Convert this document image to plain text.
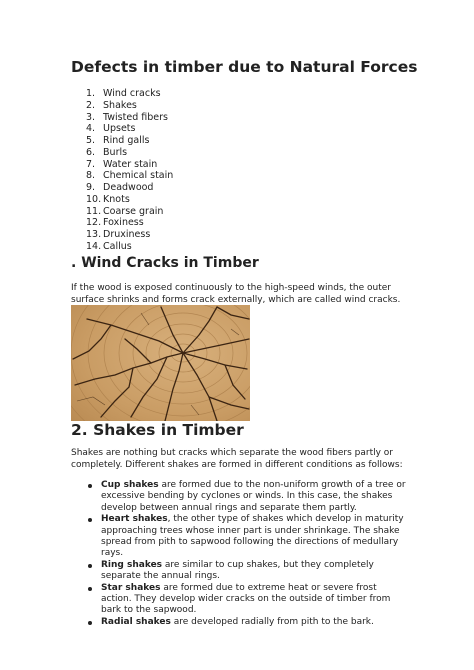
Defects in timber due to Natural Forces
1. Wind cracks
2. Shakes
3. Twisted fibers
4. Upsets
5. Rind galls
6. Burls
7. Water stain
8. Chemical stain
9. Deadwood
10. Knots
11. Coarse grain
12. Foxiness
13. Druxiness
14. Callus
. Wind Cracks in Timber

If the wood is exposed continuously to the high-speed winds, the outer surface shrinks and forms crack externally, which are called wind cracks.

2. Shakes in Timber

Shakes are nothing but cracks which separate the wood fibers partly or completely. Different shakes are formed in different conditions as follows:

Cup shakes are formed due to the non-uniform growth of a tree or excessive bending by cyclones or winds. In this case, the shakes develop between annual rings and separate them partly.
Heart shakes, the other type of shakes which develop in maturity approaching trees whose inner part is under shrinkage. The shake spread from pith to sapwood following the directions of medullary rays.
Ring shakes are similar to cup shakes, but they completely separate the annual rings.
Star shakes are formed due to extreme heat or severe frost action. They develop wider cracks on the outside of timber from bark to the sapwood.
Radial shakes are developed radially from pith to the bark.
